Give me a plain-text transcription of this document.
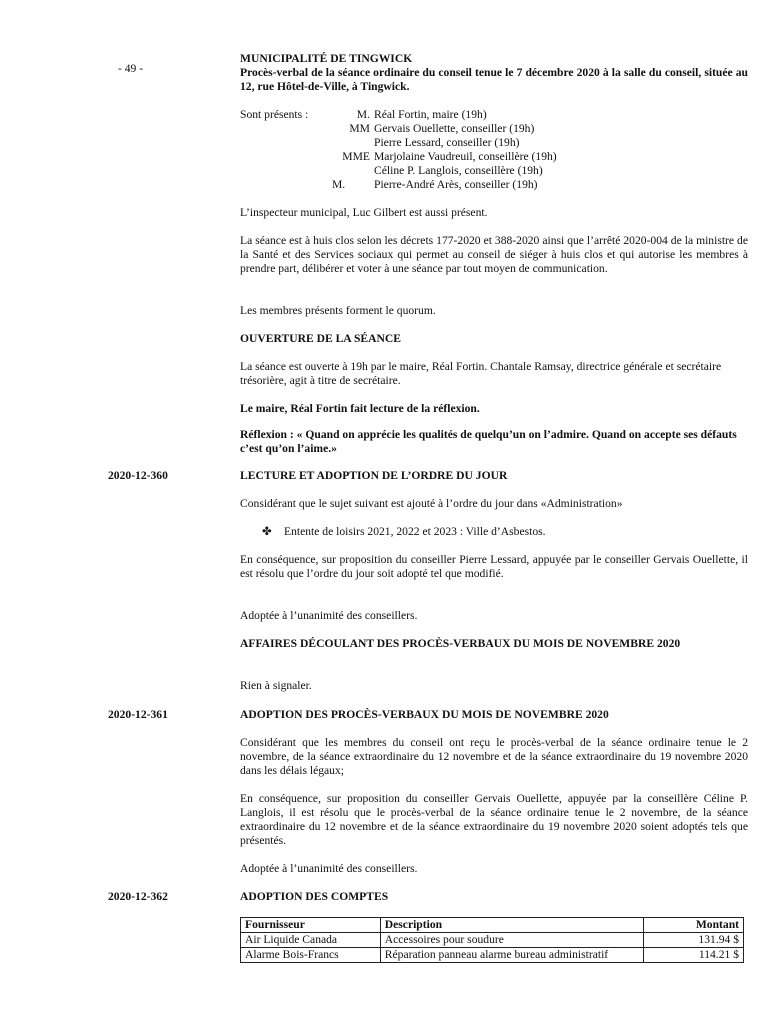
- 49 -
MUNICIPALITÉ DE TINGWICK
Procès-verbal de la séance ordinaire du conseil tenue le 7 décembre 2020 à la salle du conseil, située au 12, rue Hôtel-de-Ville, à Tingwick.
Sont présents :	M. Réal Fortin, maire (19h)
MM Gervais Ouellette, conseiller (19h)
Pierre Lessard, conseiller (19h)
MME Marjolaine Vaudreuil, conseillère (19h)
Céline P. Langlois, conseillère (19h)
M. Pierre-André Arès, conseiller (19h)
L’inspecteur municipal, Luc Gilbert est aussi présent.
La séance est à huis clos selon les décrets 177-2020 et 388-2020 ainsi que l’arrêté 2020-004 de la ministre de la Santé et des Services sociaux qui permet au conseil de siéger à huis clos et qui autorise les membres à prendre part, délibérer et voter à une séance par tout moyen de communication.
Les membres présents forment le quorum.
OUVERTURE DE LA SÉANCE
La séance est ouverte à 19h par le maire, Réal Fortin. Chantale Ramsay, directrice générale et secrétaire trésorière, agit à titre de secrétaire.
Le maire, Réal Fortin fait lecture de la réflexion.
Réflexion : « Quand on apprécie les qualités de quelqu’un on l’admire. Quand on accepte ses défauts c’est qu’on l’aime.»
2020-12-360	LECTURE ET ADOPTION DE L’ORDRE DU JOUR
Considérant que le sujet suivant est ajouté à l’ordre du jour dans «Administration»
✤ Entente de loisirs 2021, 2022 et 2023 : Ville d’Asbestos.
En conséquence, sur proposition du conseiller Pierre Lessard, appuyée par le conseiller Gervais Ouellette, il est résolu que l’ordre du jour soit adopté tel que modifié.
Adoptée à l’unanimité des conseillers.
AFFAIRES DÉCOULANT DES PROCÈS-VERBAUX DU MOIS DE NOVEMBRE 2020
Rien à signaler.
2020-12-361	ADOPTION DES PROCÈS-VERBAUX DU MOIS DE NOVEMBRE 2020
Considérant que les membres du conseil ont reçu le procès-verbal de la séance ordinaire tenue le 2 novembre, de la séance extraordinaire du 12 novembre et de la séance extraordinaire du 19 novembre 2020 dans les délais légaux;
En conséquence, sur proposition du conseiller Gervais Ouellette, appuyée par la conseillère Céline P. Langlois, il est résolu que le procès-verbal de la séance ordinaire tenue le 2 novembre, de la séance extraordinaire du 12 novembre et de la séance extraordinaire du 19 novembre 2020 soient adoptés tels que présentés.
Adoptée à l’unanimité des conseillers.
2020-12-362	ADOPTION DES COMPTES
Fournisseur	Description	Montant
Air Liquide Canada	Accessoires pour soudure	131.94 $
Alarme Bois-Francs	Réparation panneau alarme bureau administratif	114.21 $
